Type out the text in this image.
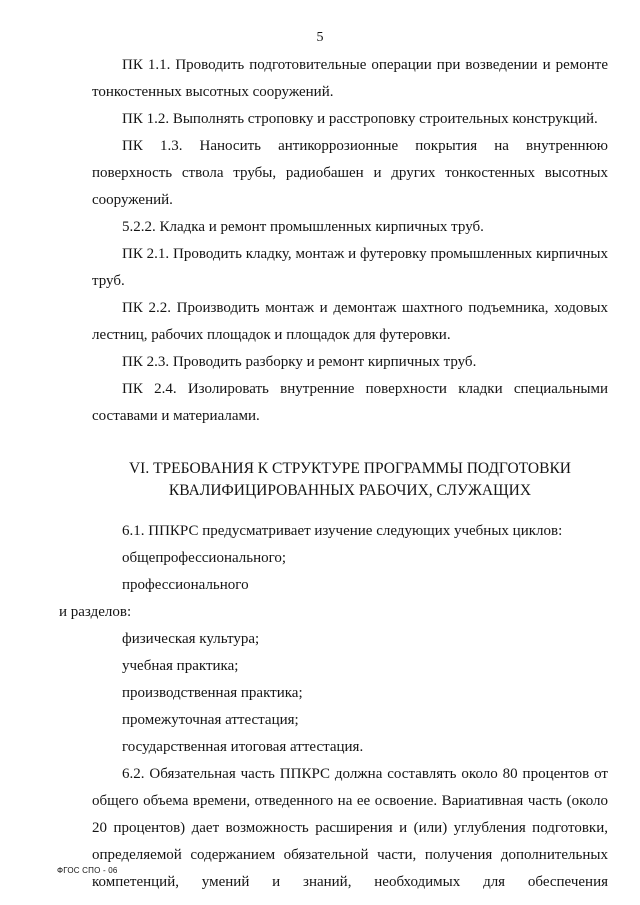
5

ПК 1.1. Проводить подготовительные операции при возведении и ремонте тонкостенных высотных сооружений.

ПК 1.2. Выполнять строповку и расстроповку строительных конструкций.

ПК 1.3. Наносить антикоррозионные покрытия на внутреннюю поверхность ствола трубы, радиобашен и других тонкостенных высотных сооружений.

5.2.2. Кладка и ремонт промышленных кирпичных труб.

ПК 2.1. Проводить кладку, монтаж и футеровку промышленных кирпичных труб.

ПК 2.2. Производить монтаж и демонтаж шахтного подъемника, ходовых лестниц, рабочих площадок и площадок для футеровки.

ПК 2.3. Проводить разборку и ремонт кирпичных труб.

ПК 2.4. Изолировать внутренние поверхности кладки специальными составами и материалами.

VI. ТРЕБОВАНИЯ К СТРУКТУРЕ ПРОГРАММЫ ПОДГОТОВКИ
КВАЛИФИЦИРОВАННЫХ РАБОЧИХ, СЛУЖАЩИХ

6.1. ППКРС предусматривает изучение следующих учебных циклов:

общепрофессионального;

профессионального

и разделов:

физическая культура;

учебная практика;

производственная практика;

промежуточная аттестация;

государственная итоговая аттестация.

6.2. Обязательная часть ППКРС должна составлять около 80 процентов от общего объема времени, отведенного на ее освоение. Вариативная часть (около 20 процентов) дает возможность расширения и (или) углубления подготовки, определяемой содержанием обязательной части, получения дополнительных компетенций, умений и знаний, необходимых для обеспечения

ФГОС СПО - 06
